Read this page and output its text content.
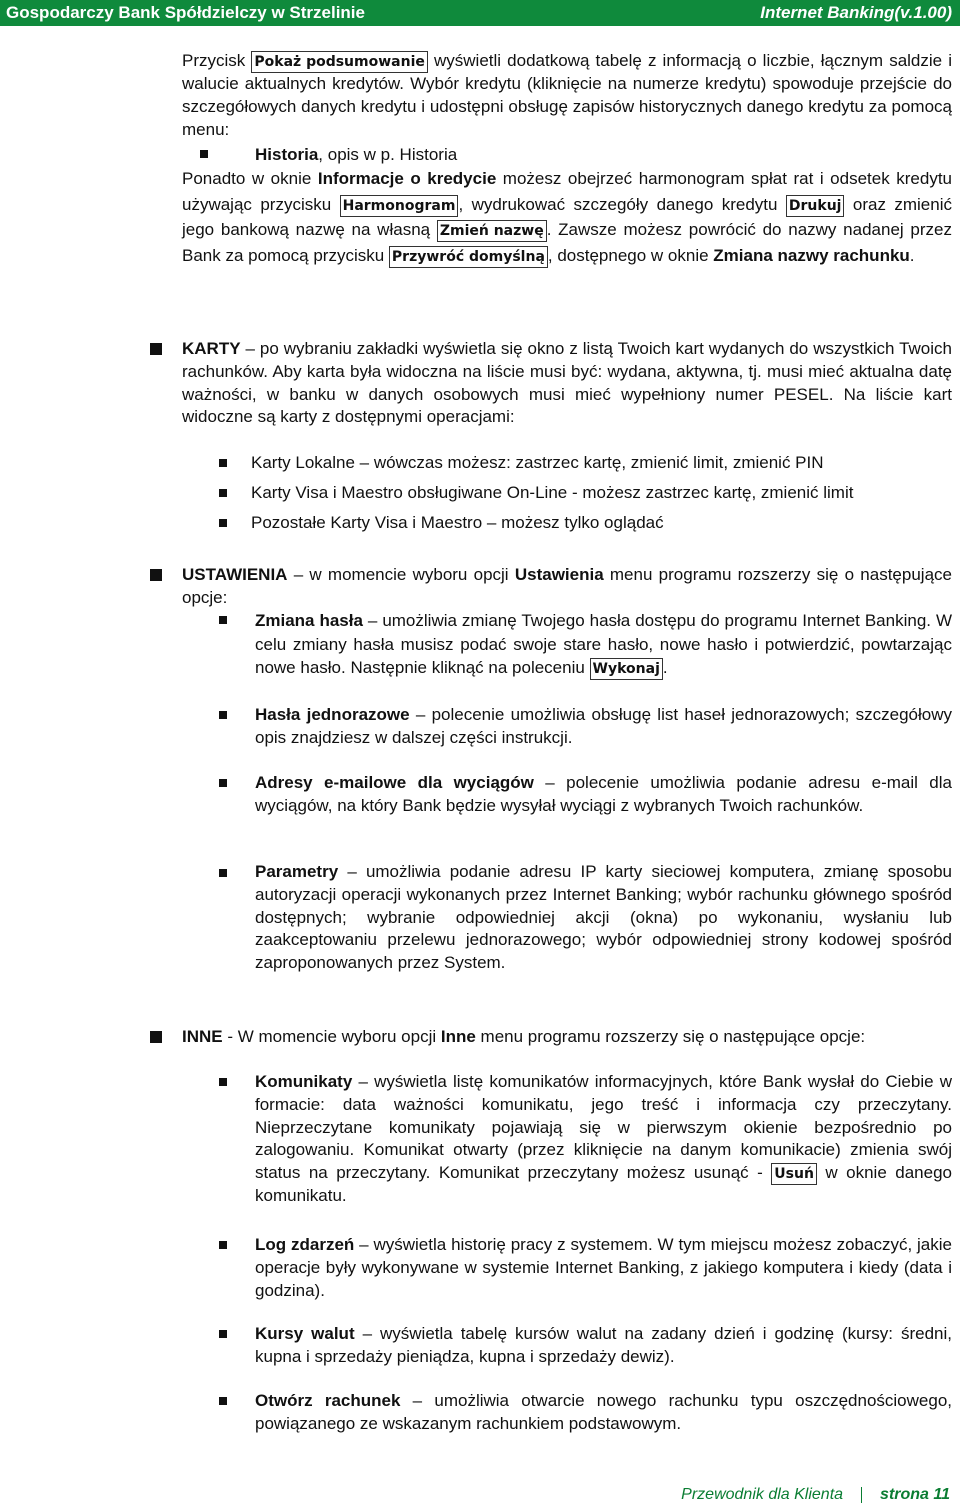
Gospodarczy Bank Spółdzielczy w Strzelinie	Internet Banking(v.1.00)
Przycisk Pokaż podsumowanie wyświetli dodatkową tabelę z informacją o liczbie, łącznym saldzie i walucie aktualnych kredytów. Wybór kredytu (kliknięcie na numerze kredytu) spowoduje przejście do szczegółowych danych kredytu i udostępni obsługę zapisów historycznych danego kredytu za pomocą menu:
Historia, opis w p. Historia
Ponadto w oknie Informacje o kredycie możesz obejrzeć harmonogram spłat rat i odsetek kredytu używając przycisku Harmonogram , wydrukować szczegóły danego kredytu Drukuj oraz zmienić jego bankową nazwę na własną Zmień nazwę . Zawsze możesz powrócić do nazwy nadanej przez Bank za pomocą przycisku Przywróć domyślną , dostępnego w oknie Zmiana nazwy rachunku.
KARTY – po wybraniu zakładki wyświetla się okno z listą Twoich kart wydanych do wszystkich Twoich rachunków. Aby karta była widoczna na liście musi być: wydana, aktywna, tj. musi mieć aktualna datę ważności, w banku w danych osobowych musi mieć wypełniony numer PESEL. Na liście kart widoczne są karty z dostępnymi operacjami:
Karty Lokalne – wówczas możesz: zastrzec kartę, zmienić limit, zmienić PIN
Karty Visa i Maestro obsługiwane On-Line - możesz zastrzec kartę, zmienić limit
Pozostałe Karty Visa i Maestro – możesz tylko oglądać
USTAWIENIA – w momencie wyboru opcji Ustawienia menu programu rozszerzy się o następujące opcje:
Zmiana hasła – umożliwia zmianę Twojego hasła dostępu do programu Internet Banking. W celu zmiany hasła musisz podać swoje stare hasło, nowe hasło i potwierdzić, powtarzając nowe hasło. Następnie kliknąć na poleceniu Wykonaj .
Hasła jednorazowe – polecenie umożliwia obsługę list haseł jednorazowych; szczegółowy opis znajdziesz w dalszej części instrukcji.
Adresy e-mailowe dla wyciągów – polecenie umożliwia podanie adresu e-mail dla wyciągów, na który Bank będzie wysyłał wyciągi z wybranych Twoich rachunków.
Parametry – umożliwia podanie adresu IP karty sieciowej komputera, zmianę sposobu autoryzacji operacji wykonanych przez Internet Banking; wybór rachunku głównego spośród dostępnych; wybranie odpowiedniej akcji (okna) po wykonaniu, wysłaniu lub zaakceptowaniu przelewu jednorazowego; wybór odpowiedniej strony kodowej spośród zaproponowanych przez System.
INNE - W momencie wyboru opcji Inne menu programu rozszerzy się o następujące opcje:
Komunikaty – wyświetla listę komunikatów informacyjnych, które Bank wysłał do Ciebie w formacie: data ważności komunikatu, jego treść i informacja czy przeczytany. Nieprzeczytane komunikaty pojawiają się w pierwszym okienie bezpośrednio po zalogowaniu. Komunikat otwarty (przez kliknięcie na danym komunikacie) zmienia swój status na przeczytany. Komunikat przeczytany możesz usunąć - Usuń w oknie danego komunikatu.
Log zdarzeń – wyświetla historię pracy z systemem. W tym miejscu możesz zobaczyć, jakie operacje były wykonywane w systemie Internet Banking, z jakiego komputera i kiedy (data i godzina).
Kursy walut – wyświetla tabelę kursów walut na zadany dzień i godzinę (kursy: średni, kupna i sprzedaży pieniądza, kupna i sprzedaży dewiz).
Otwórz rachunek – umożliwia otwarcie nowego rachunku typu oszczędnościowego, powiązanego ze wskazanym rachunkiem podstawowym.
Przewodnik dla Klienta strona 11
